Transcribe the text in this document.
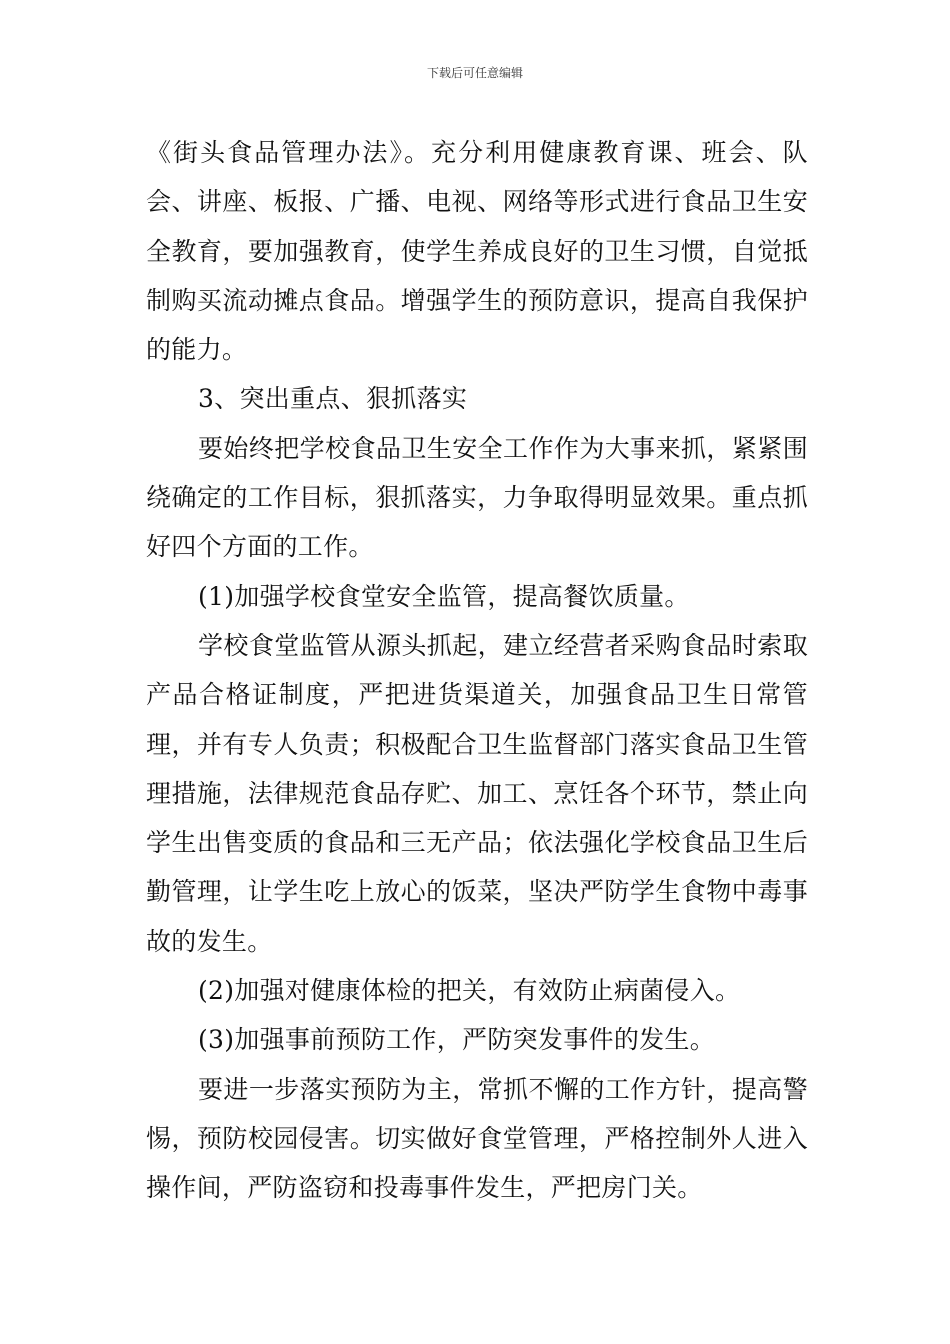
下载后可任意编辑

《街头食品管理办法》。充分利用健康教育课、班会、队会、讲座、板报、广播、电视、网络等形式进行食品卫生安全教育，要加强教育，使学生养成良好的卫生习惯，自觉抵制购买流动摊点食品。增强学生的预防意识，提高自我保护的能力。

3、突出重点、狠抓落实

要始终把学校食品卫生安全工作作为大事来抓，紧紧围绕确定的工作目标，狠抓落实，力争取得明显效果。重点抓好四个方面的工作。

(1)加强学校食堂安全监管，提高餐饮质量。

学校食堂监管从源头抓起，建立经营者采购食品时索取产品合格证制度，严把进货渠道关，加强食品卫生日常管理，并有专人负责；积极配合卫生监督部门落实食品卫生管理措施，法律规范食品存贮、加工、烹饪各个环节，禁止向学生出售变质的食品和三无产品；依法强化学校食品卫生后勤管理，让学生吃上放心的饭菜，坚决严防学生食物中毒事故的发生。

(2)加强对健康体检的把关，有效防止病菌侵入。

(3)加强事前预防工作，严防突发事件的发生。

要进一步落实预防为主，常抓不懈的工作方针，提高警惕，预防校园侵害。切实做好食堂管理，严格控制外人进入操作间，严防盗窃和投毒事件发生，严把房门关。
